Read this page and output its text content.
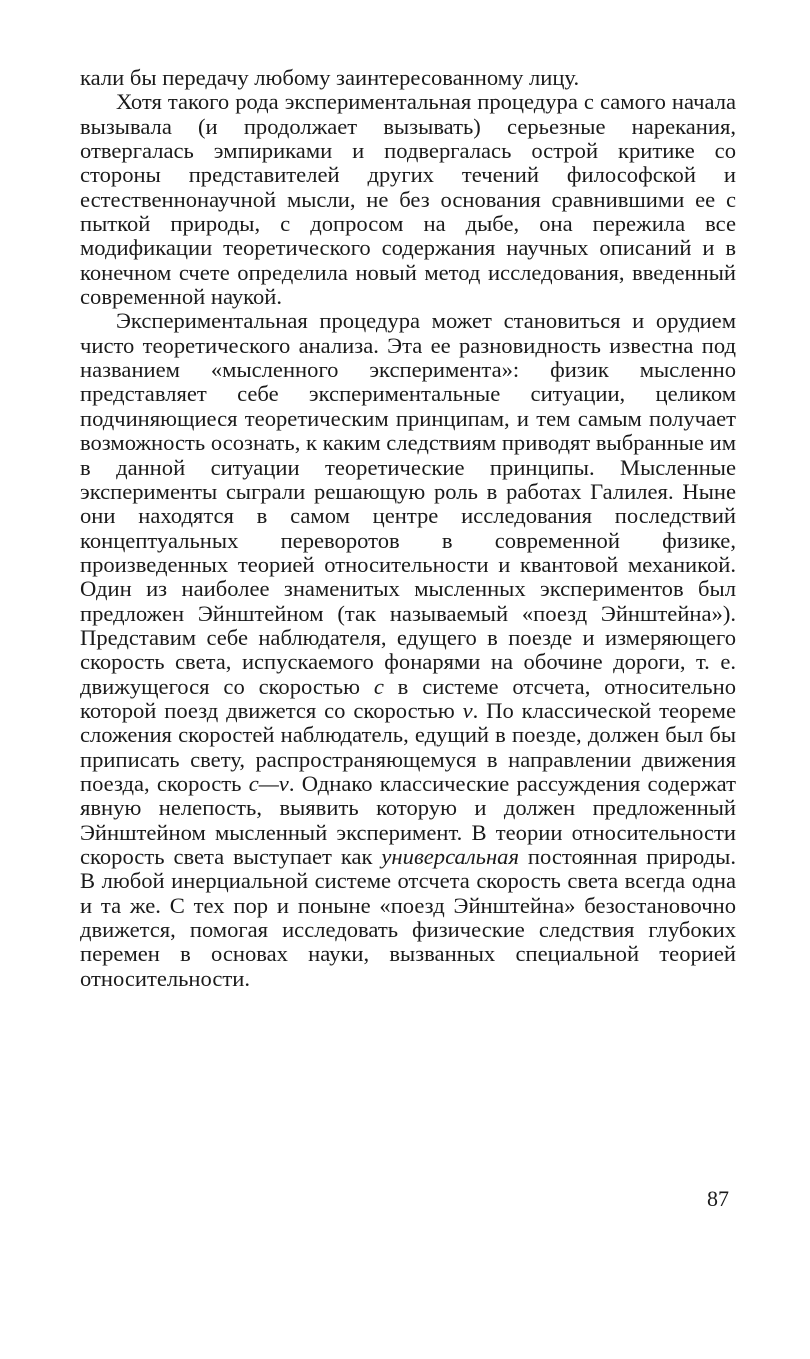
кали бы передачу любому заинтересованному лицу.

Хотя такого рода экспериментальная процедура с самого начала вызывала (и продолжает вызывать) серьезные нарекания, отвергалась эмпириками и подвергалась острой критике со стороны представителей других течений философской и естественнонаучной мысли, не без основания сравнившими ее с пыткой природы, с допросом на дыбе, она пережила все модификации теоретического содержания научных описаний и в конечном счете определила новый метод исследования, введенный современной наукой.

Экспериментальная процедура может становиться и орудием чисто теоретического анализа. Эта ее разновидность известна под названием «мысленного эксперимента»: физик мысленно представляет себе экспериментальные ситуации, целиком подчиняющиеся теоретическим принципам, и тем самым получает возможность осознать, к каким следствиям приводят выбранные им в данной ситуации теоретические принципы. Мысленные эксперименты сыграли решающую роль в работах Галилея. Ныне они находятся в самом центре исследования последствий концептуальных переворотов в современной физике, произведенных теорией относительности и квантовой механикой. Один из наиболее знаменитых мысленных экспериментов был предложен Эйнштейном (так называемый «поезд Эйнштейна»). Представим себе наблюдателя, едущего в поезде и измеряющего скорость света, испускаемого фонарями на обочине дороги, т. е. движущегося со скоростью c в системе отсчета, относительно которой поезд движется со скоростью v. По классической теореме сложения скоростей наблюдатель, едущий в поезде, должен был бы приписать свету, распространяющемуся в направлении движения поезда, скорость c—v. Однако классические рассуждения содержат явную нелепость, выявить которую и должен предложенный Эйнштейном мысленный эксперимент. В теории относительности скорость света выступает как универсальная постоянная природы. В любой инерциальной системе отсчета скорость света всегда одна и та же. С тех пор и поныне «поезд Эйнштейна» безостановочно движется, помогая исследовать физические следствия глубоких перемен в основах науки, вызванных специальной теорией относительности.

87
